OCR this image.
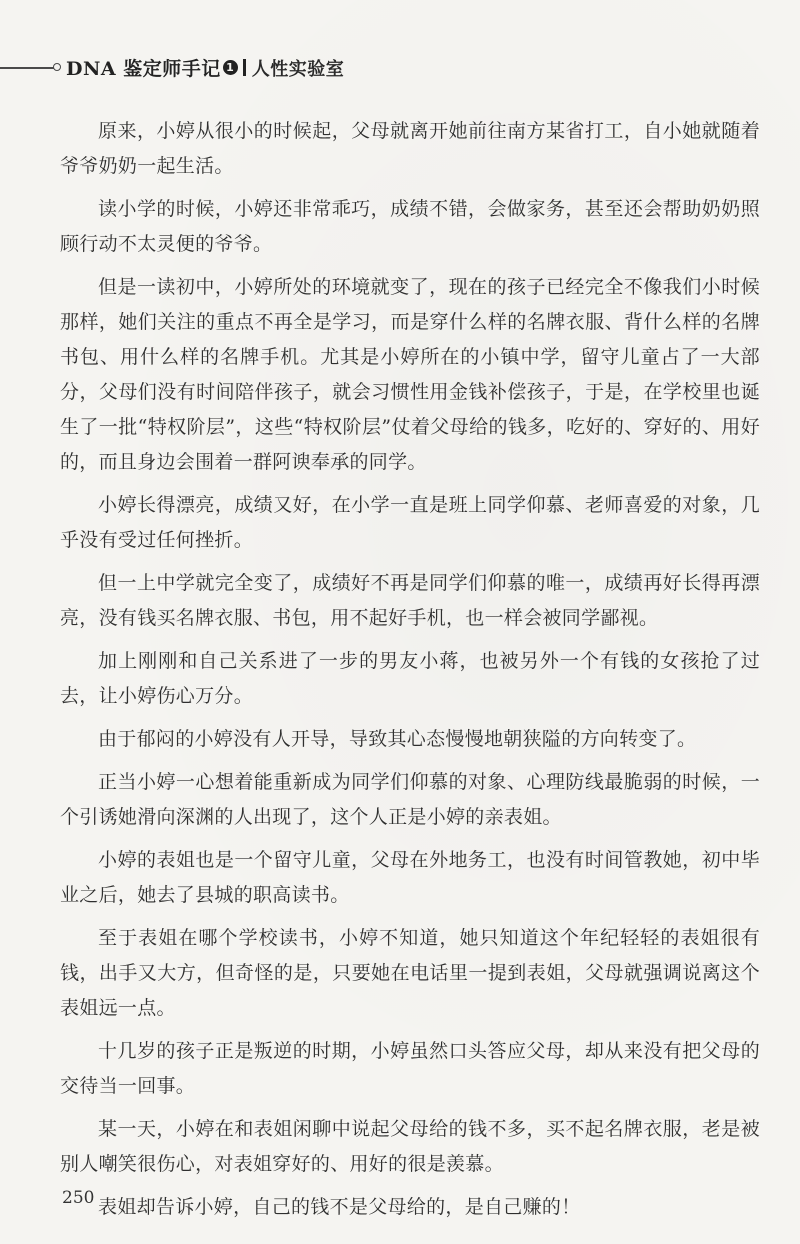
DNA 鉴定师手记 1 人性实验室

原来，小婷从很小的时候起，父母就离开她前往南方某省打工，自小她就随着爷爷奶奶一起生活。

读小学的时候，小婷还非常乖巧，成绩不错，会做家务，甚至还会帮助奶奶照顾行动不太灵便的爷爷。

但是一读初中，小婷所处的环境就变了，现在的孩子已经完全不像我们小时候那样，她们关注的重点不再全是学习，而是穿什么样的名牌衣服、背什么样的名牌书包、用什么样的名牌手机。尤其是小婷所在的小镇中学，留守儿童占了一大部分，父母们没有时间陪伴孩子，就会习惯性用金钱补偿孩子，于是，在学校里也诞生了一批“特权阶层”，这些“特权阶层”仗着父母给的钱多，吃好的、穿好的、用好的，而且身边会围着一群阿谀奉承的同学。

小婷长得漂亮，成绩又好，在小学一直是班上同学仰慕、老师喜爱的对象，几乎没有受过任何挫折。

但一上中学就完全变了，成绩好不再是同学们仰慕的唯一，成绩再好长得再漂亮，没有钱买名牌衣服、书包，用不起好手机，也一样会被同学鄙视。

加上刚刚和自己关系进了一步的男友小蒋，也被另外一个有钱的女孩抢了过去，让小婷伤心万分。

由于郁闷的小婷没有人开导，导致其心态慢慢地朝狭隘的方向转变了。

正当小婷一心想着能重新成为同学们仰慕的对象、心理防线最脆弱的时候，一个引诱她滑向深渊的人出现了，这个人正是小婷的亲表姐。

小婷的表姐也是一个留守儿童，父母在外地务工，也没有时间管教她，初中毕业之后，她去了县城的职高读书。

至于表姐在哪个学校读书，小婷不知道，她只知道这个年纪轻轻的表姐很有钱，出手又大方，但奇怪的是，只要她在电话里一提到表姐，父母就强调说离这个表姐远一点。

十几岁的孩子正是叛逆的时期，小婷虽然口头答应父母，却从来没有把父母的交待当一回事。

某一天，小婷在和表姐闲聊中说起父母给的钱不多，买不起名牌衣服，老是被别人嘲笑很伤心，对表姐穿好的、用好的很是羡慕。

表姐却告诉小婷，自己的钱不是父母给的，是自己赚的！

250
